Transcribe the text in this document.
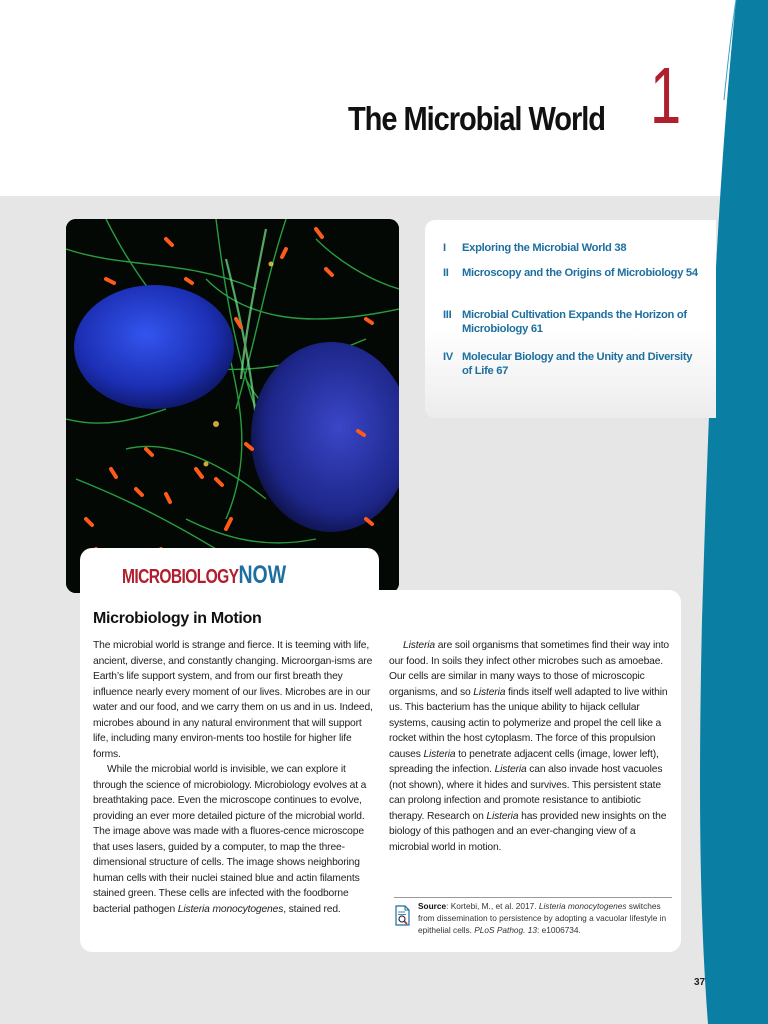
The Microbial World 1
I	Exploring the Microbial World 38
II	Microscopy and the Origins of Microbiology 54
III Microbial Cultivation Expands the Horizon of Microbiology 61
IV Molecular Biology and the Unity and Diversity of Life 67
Microbiology in Motion

The microbial world is strange and fierce. It is teeming with life, ancient, diverse, and constantly changing. Microorgan-isms are Earth’s life support system, and from our first breath they influence nearly every moment of our lives. Microbes are in our water and our food, and we carry them on us and in us. Indeed, microbes abound in any natural environment that will support life, including many environ-ments too hostile for higher life forms.

While the microbial world is invisible, we can explore it through the science of microbiology. Microbiology evolves at a breathtaking pace. Even the microscope continues to evolve, providing an ever more detailed picture of the microbial world. The image above was made with a fluores-cence microscope that uses lasers, guided by a computer, to map the three-dimensional structure of cells. The image shows neighboring human cells with their nuclei stained blue and actin filaments stained green. These cells are infected with the foodborne bacterial pathogen Listeria monocytogenes, stained red.

Listeria are soil organisms that sometimes find their way into our food. In soils they infect other microbes such as amoebae. Our cells are similar in many ways to those of microscopic organisms, and so Listeria finds itself well adapted to live within us. This bacterium has the unique ability to hijack cellular systems, causing actin to polymerize and propel the cell like a rocket within the host cytoplasm. The force of this propulsion causes Listeria to penetrate adjacent cells (image, lower left), spreading the infection. Listeria can also invade host vacuoles (not shown), where it hides and survives. This persistent state can prolong infection and promote resistance to antibiotic therapy. Research on Listeria has provided new insights on the biology of this pathogen and an ever-changing view of a microbial world in motion.

Source: Kortebi, M., et al. 2017. Listeria monocytogenes switches from dissemination to persistence by adopting a vacuolar lifestyle in epithelial cells. PLoS Pathog. 13: e1006734.
MICROBIOLOGYNOW
37
